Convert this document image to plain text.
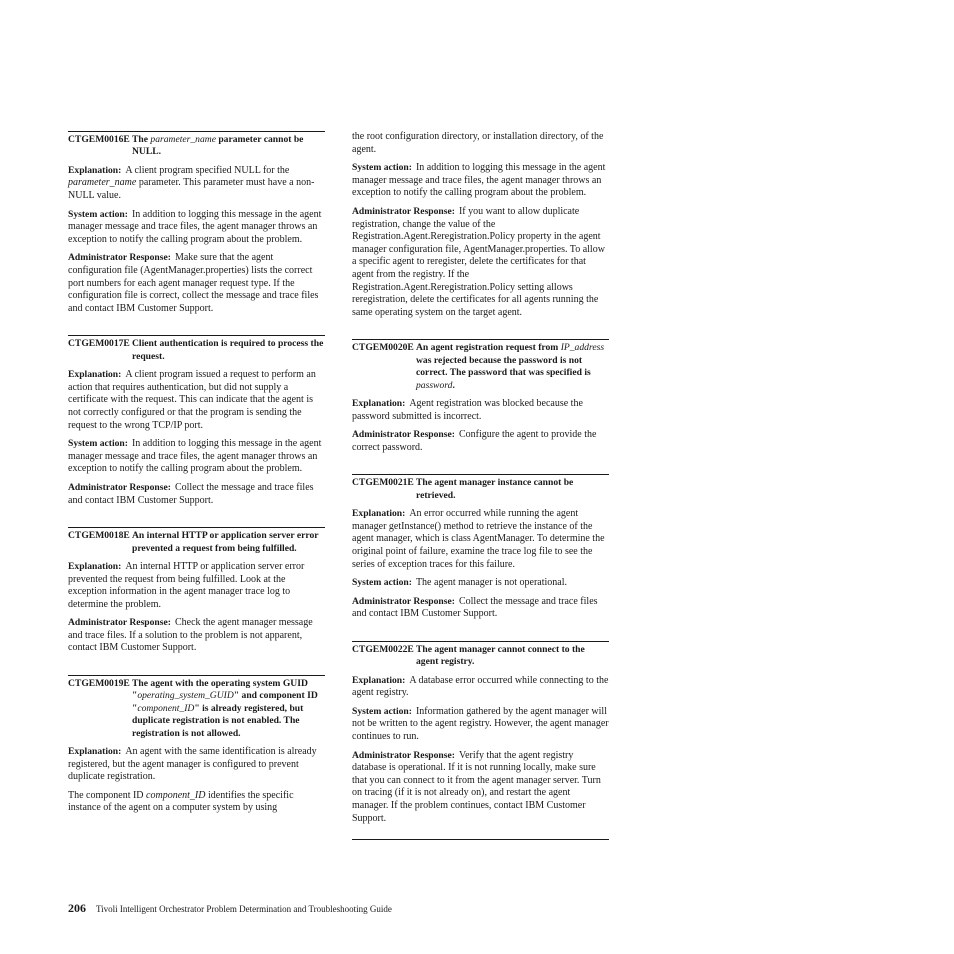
CTGEM0016E The parameter_name parameter cannot be NULL.

Explanation: A client program specified NULL for the parameter_name parameter. This parameter must have a non-NULL value.

System action: In addition to logging this message in the agent manager message and trace files, the agent manager throws an exception to notify the calling program about the problem.

Administrator Response: Make sure that the agent configuration file (AgentManager.properties) lists the correct port numbers for each agent manager request type. If the configuration file is correct, collect the message and trace files and contact IBM Customer Support.

CTGEM0017E Client authentication is required to process the request.

Explanation: A client program issued a request to perform an action that requires authentication, but did not supply a certificate with the request. This can indicate that the agent is not correctly configured or that the program is sending the request to the wrong TCP/IP port.

System action: In addition to logging this message in the agent manager message and trace files, the agent manager throws an exception to notify the calling program about the problem.

Administrator Response: Collect the message and trace files and contact IBM Customer Support.

CTGEM0018E An internal HTTP or application server error prevented a request from being fulfilled.

Explanation: An internal HTTP or application server error prevented the request from being fulfilled. Look at the exception information in the agent manager trace log to determine the problem.

Administrator Response: Check the agent manager message and trace files. If a solution to the problem is not apparent, contact IBM Customer Support.

CTGEM0019E The agent with the operating system GUID "operating_system_GUID" and component ID "component_ID" is already registered, but duplicate registration is not enabled. The registration is not allowed.

Explanation: An agent with the same identification is already registered, but the agent manager is configured to prevent duplicate registration.

The component ID component_ID identifies the specific instance of the agent on a computer system by using

the root configuration directory, or installation directory, of the agent.

System action: In addition to logging this message in the agent manager message and trace files, the agent manager throws an exception to notify the calling program about the problem.

Administrator Response: If you want to allow duplicate registration, change the value of the Registration.Agent.Reregistration.Policy property in the agent manager configuration file, AgentManager.properties. To allow a specific agent to reregister, delete the certificates for that agent from the registry. If the Registration.Agent.Reregistration.Policy setting allows reregistration, delete the certificates for all agents running the same operating system on the target agent.

CTGEM0020E An agent registration request from IP_address was rejected because the password is not correct. The password that was specified is password.

Explanation: Agent registration was blocked because the password submitted is incorrect.

Administrator Response: Configure the agent to provide the correct password.

CTGEM0021E The agent manager instance cannot be retrieved.

Explanation: An error occurred while running the agent manager getInstance() method to retrieve the instance of the agent manager, which is class AgentManager. To determine the original point of failure, examine the trace log file to see the series of exception traces for this failure.

System action: The agent manager is not operational.

Administrator Response: Collect the message and trace files and contact IBM Customer Support.

CTGEM0022E The agent manager cannot connect to the agent registry.

Explanation: A database error occurred while connecting to the agent registry.

System action: Information gathered by the agent manager will not be written to the agent registry. However, the agent manager continues to run.

Administrator Response: Verify that the agent registry database is operational. If it is not running locally, make sure that you can connect to it from the agent manager server. Turn on tracing (if it is not already on), and restart the agent manager. If the problem continues, contact IBM Customer Support.

206 Tivoli Intelligent Orchestrator Problem Determination and Troubleshooting Guide
